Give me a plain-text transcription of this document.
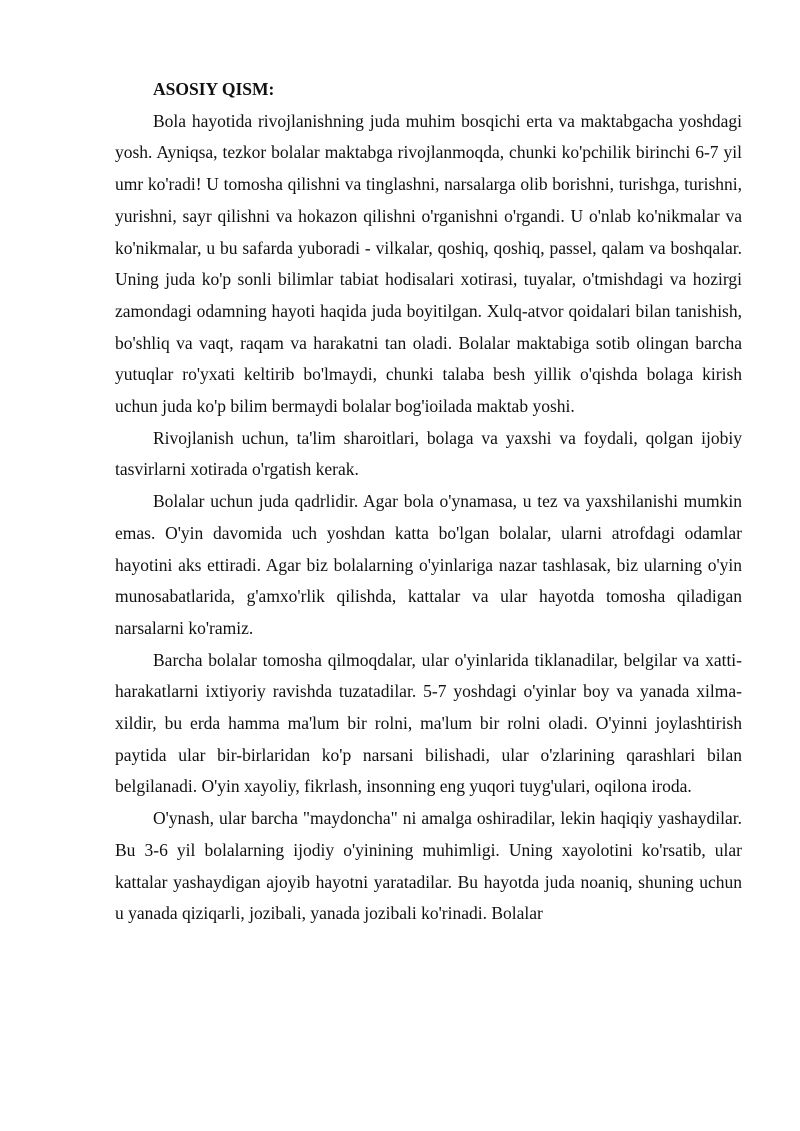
ASOSIY QISM:

Bola hayotida rivojlanishning juda muhim bosqichi erta va maktabgacha yoshdagi yosh. Ayniqsa, tezkor bolalar maktabga rivojlanmoqda, chunki ko'pchilik birinchi 6-7 yil umr ko'radi! U tomosha qilishni va tinglashni, narsalarga olib borishni, turishga, turishni, yurishni, sayr qilishni va hokazon qilishni o'rganishni o'rgandi. U o'nlab ko'nikmalar va ko'nikmalar, u bu safarda yuboradi - vilkalar, qoshiq, qoshiq, passel, qalam va boshqalar. Uning juda ko'p sonli bilimlar tabiat hodisalari xotirasi, tuyalar, o'tmishdagi va hozirgi zamondagi odamning hayoti haqida juda boyitilgan. Xulq-atvor qoidalari bilan tanishish, bo'shliq va vaqt, raqam va harakatni tan oladi. Bolalar maktabiga sotib olingan barcha yutuqlar ro'yxati keltirib bo'lmaydi, chunki talaba besh yillik o'qishda bolaga kirish uchun juda ko'p bilim bermaydi bolalar bog'ioilada maktab yoshi.

Rivojlanish uchun, ta'lim sharoitlari, bolaga va yaxshi va foydali, qolgan ijobiy tasvirlarni xotirada o'rgatish kerak.

Bolalar uchun juda qadrlidir. Agar bola o'ynamasa, u tez va yaxshilanishi mumkin emas. O'yin davomida uch yoshdan katta bo'lgan bolalar, ularni atrofdagi odamlar hayotini aks ettiradi. Agar biz bolalarning o'yinlariga nazar tashlasak, biz ularning o'yin munosabatlarida, g'amxo'rlik qilishda, kattalar va ular hayotda tomosha qiladigan narsalarni ko'ramiz.

Barcha bolalar tomosha qilmoqdalar, ular o'yinlarida tiklanadilar, belgilar va xatti-harakatlarni ixtiyoriy ravishda tuzatadilar. 5-7 yoshdagi o'yinlar boy va yanada xilma-xildir, bu erda hamma ma'lum bir rolni, ma'lum bir rolni oladi. O'yinni joylashtirish paytida ular bir-birlaridan ko'p narsani bilishadi, ular o'zlarining qarashlari bilan belgilanadi. O'yin xayoliy, fikrlash, insonning eng yuqori tuyg'ulari, oqilona iroda.

O'ynash, ular barcha "maydoncha" ni amalga oshiradilar, lekin haqiqiy yashaydilar. Bu 3-6 yil bolalarning ijodiy o'yinining muhimligi. Uning xayolotini ko'rsatib, ular kattalar yashaydigan ajoyib hayotni yaratadilar. Bu hayotda juda noaniq, shuning uchun u yanada qiziqarli, jozibali, yanada jozibali ko'rinadi. Bolalar
